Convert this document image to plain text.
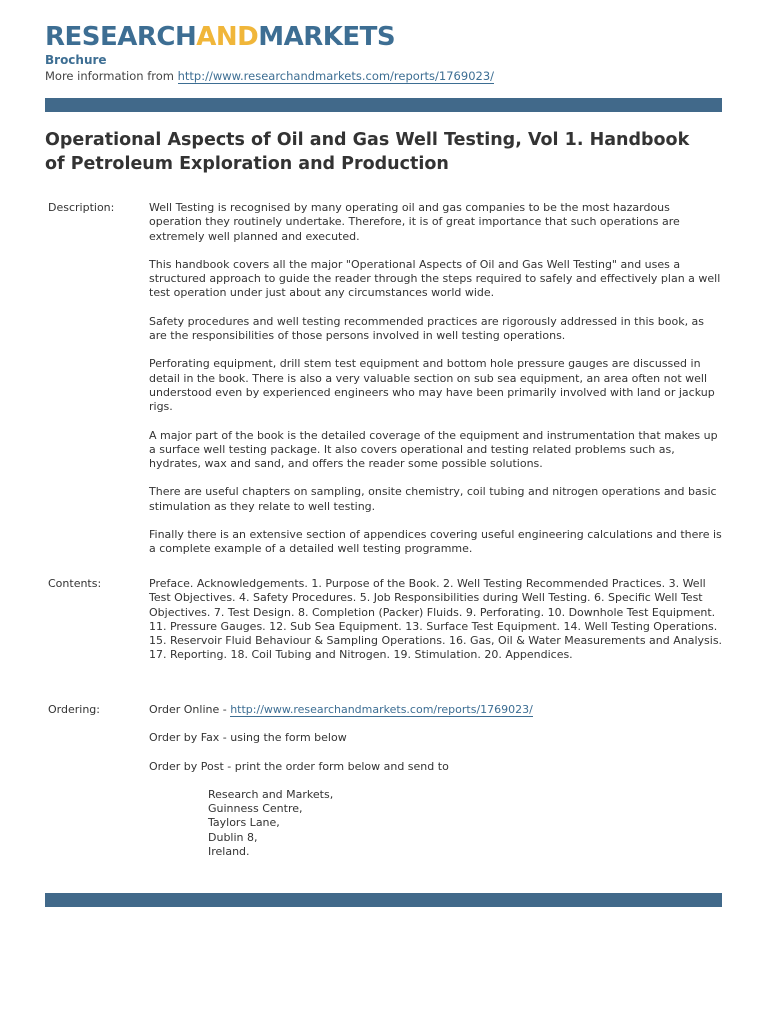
RESEARCHANDMARKETS
Brochure
More information from http://www.researchandmarkets.com/reports/1769023/
Operational Aspects of Oil and Gas Well Testing, Vol 1. Handbook of Petroleum Exploration and Production
Description:	Well Testing is recognised by many operating oil and gas companies to be the most hazardous operation they routinely undertake. Therefore, it is of great importance that such operations are extremely well planned and executed.

This handbook covers all the major "Operational Aspects of Oil and Gas Well Testing" and uses a structured approach to guide the reader through the steps required to safely and effectively plan a well test operation under just about any circumstances world wide.

Safety procedures and well testing recommended practices are rigorously addressed in this book, as are the responsibilities of those persons involved in well testing operations.

Perforating equipment, drill stem test equipment and bottom hole pressure gauges are discussed in detail in the book. There is also a very valuable section on sub sea equipment, an area often not well understood even by experienced engineers who may have been primarily involved with land or jackup rigs.

A major part of the book is the detailed coverage of the equipment and instrumentation that makes up a surface well testing package. It also covers operational and testing related problems such as, hydrates, wax and sand, and offers the reader some possible solutions.

There are useful chapters on sampling, onsite chemistry, coil tubing and nitrogen operations and basic stimulation as they relate to well testing.

Finally there is an extensive section of appendices covering useful engineering calculations and there is a complete example of a detailed well testing programme.

Contents:	Preface. Acknowledgements. 1. Purpose of the Book. 2. Well Testing Recommended Practices. 3. Well Test Objectives. 4. Safety Procedures. 5. Job Responsibilities during Well Testing. 6. Specific Well Test Objectives. 7. Test Design. 8. Completion (Packer) Fluids. 9. Perforating. 10. Downhole Test Equipment. 11. Pressure Gauges. 12. Sub Sea Equipment. 13. Surface Test Equipment. 14. Well Testing Operations. 15. Reservoir Fluid Behaviour & Sampling Operations. 16. Gas, Oil & Water Measurements and Analysis. 17. Reporting. 18. Coil Tubing and Nitrogen. 19. Stimulation. 20. Appendices.
Ordering:	Order Online - http://www.researchandmarkets.com/reports/1769023/

Order by Fax - using the form below

Order by Post - print the order form below and send to

Research and Markets,
Guinness Centre,
Taylors Lane,
Dublin 8,
Ireland.
